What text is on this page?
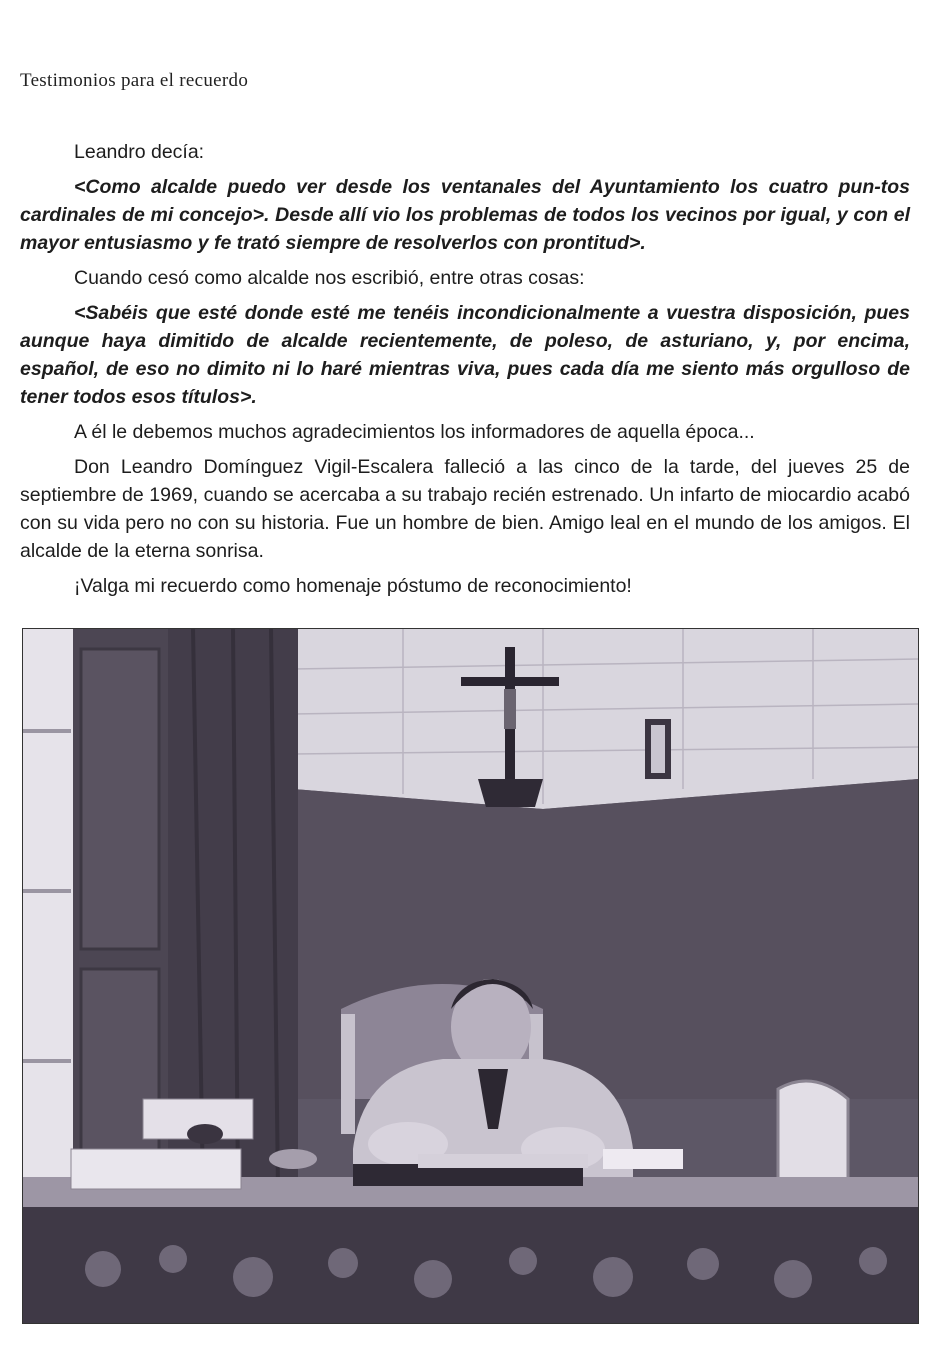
Testimonios para el recuerdo

Leandro decía:

<Como alcalde puedo ver desde los ventanales del Ayuntamiento los cuatro pun-tos cardinales de mi concejo>. Desde allí vio los problemas de todos los vecinos por igual, y con el mayor entusiasmo y fe trató siempre de resolverlos con prontitud>.

Cuando cesó como alcalde nos escribió, entre otras cosas:

<Sabéis que esté donde esté me tenéis incondicionalmente a vuestra disposición, pues aunque haya dimitido de alcalde recientemente, de poleso, de asturiano, y, por encima, español, de eso no dimito ni lo haré mientras viva, pues cada día me siento más orgulloso de tener todos esos títulos>.

A él le debemos muchos agradecimientos los informadores de aquella época...

Don Leandro Domínguez Vigil-Escalera falleció a las cinco de la tarde, del jueves 25 de septiembre de 1969, cuando se acercaba a su trabajo recién estrenado. Un infarto de miocardio acabó con su vida pero no con su historia. Fue un hombre de bien. Amigo leal en el mundo de los amigos. El alcalde de la eterna sonrisa.

¡Valga mi recuerdo como homenaje póstumo de reconocimiento!
